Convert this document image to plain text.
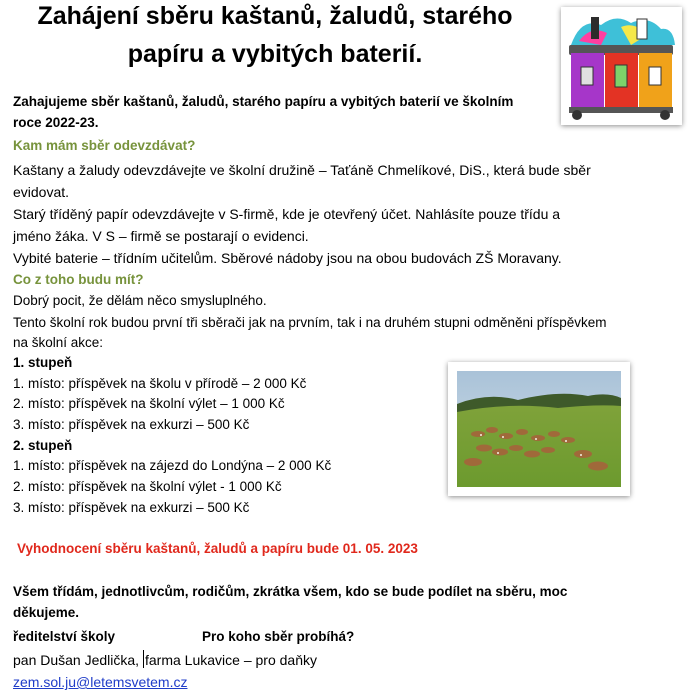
Zahájení sběru kaštanů, žaludů, starého
papíru a vybitých baterií.
Zahajujeme sběr kaštanů, žaludů, starého papíru a vybitých baterií ve školním
roce 2022-23.
Kam mám sběr odevzdávat?
Kaštany a žaludy odevzdávejte ve školní družině – Taťáně Chmelíkové, DiS., která bude sběr
evidovat.
Starý tříděný papír odevzdávejte v S-firmě, kde je otevřený účet. Nahlásíte pouze třídu a
jméno žáka. V S – firmě se postarají o evidenci.
Vybité baterie – třídním učitelům. Sběrové nádoby jsou na obou budovách ZŠ Moravany.
Co z toho budu mít?
Dobrý pocit, že dělám něco smysluplného.
Tento školní rok budou první tři sběrači jak na prvním, tak i na druhém stupni odměněni příspěvkem
na školní akce:
1. stupeň
1. místo: příspěvek na školu v přírodě – 2 000 Kč
2. místo: příspěvek na školní výlet – 1 000 Kč
3. místo: příspěvek na exkurzi – 500 Kč
2. stupeň
1. místo: příspěvek na zájezd do Londýna – 2 000 Kč
2. místo: příspěvek na školní výlet - 1 000 Kč
3. místo: příspěvek na exkurzi – 500 Kč
Vyhodnocení sběru kaštanů, žaludů a papíru bude 01. 05. 2023
Všem třídám, jednotlivcům, rodičům, zkrátka všem, kdo se bude podílet na sběru, moc
děkujeme.
ředitelství školy	Pro koho sběr probíhá?
pan Dušan Jedlička, farma Lukavice – pro daňky
zem.sol.ju@letemsvetem.cz
